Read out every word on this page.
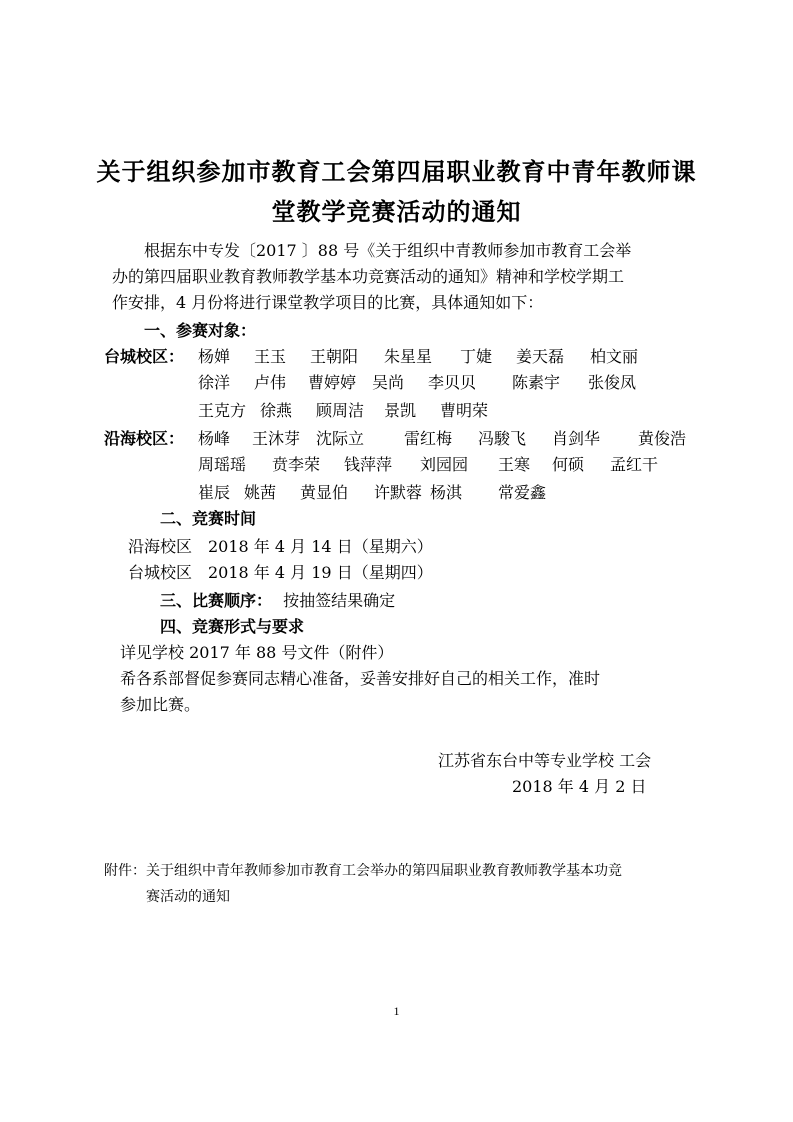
关于组织参加市教育工会第四届职业教育中青年教师课
堂教学竞赛活动的通知
根据东中专发〔2017 〕88 号《关于组织中青教师参加市教育工会举
办的第四届职业教育教师教学基本功竞赛活动的通知》精神和学校学期工
作安排，4 月份将进行课堂教学项目的比赛，具体通知如下：
一、参赛对象：
台城校区： 杨婵 王玉 王朝阳 朱星星 丁婕 姜天磊 柏文丽
徐洋 卢伟 曹婷婷 吴尚 李贝贝 陈素宇 张俊凤
王克方 徐燕 顾周洁 景凯 曹明荣
沿海校区： 杨峰 王沐芽 沈际立 雷红梅 冯駿飞 肖剑华 黄俊浩
周瑶瑶 贲李荣 钱萍萍 刘园园 王寒 何硕 孟红干
崔辰 姚茜 黄显伯 许默蓉 杨淇 常爱鑫
二、竞赛时间
沿海校区　2018 年 4 月 14 日（星期六）
台城校区　2018 年 4 月 19 日（星期四）
三、比赛顺序： 按抽签结果确定
四、竞赛形式与要求
详见学校 2017 年 88 号文件（附件）
希各系部督促参赛同志精心准备，妥善安排好自己的相关工作，准时
参加比赛。
江苏省东台中等专业学校 工会
2018 年 4 月 2 日
附件：关于组织中青年教师参加市教育工会举办的第四届职业教育教师教学基本功竞
赛活动的通知
1
